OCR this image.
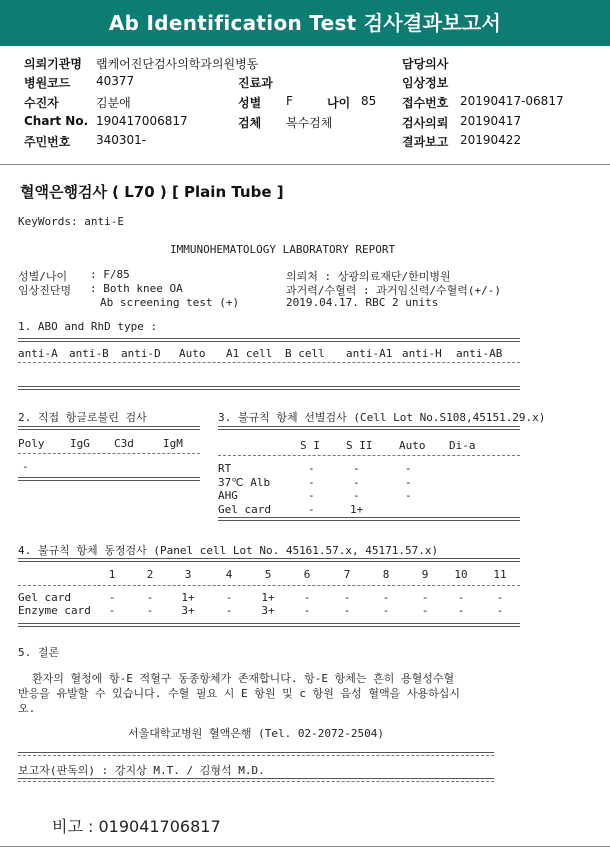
Ab Identification Test 검사결과보고서
의뢰기관명 랩케어진단검사의학과의원병동	담당의사
병원코드 40377	진료과	임상정보
수진자	김분애	성별 F	나이 85 접수번호 20190417-06817
Chart No. 190417006817	검체 복수검체	검사의뢰 20190417
주민번호 340301-	결과보고 20190422
혈액은행검사 ( L70 ) [ Plain Tube ]
KeyWords: anti-E
IMMUNOHEMATOLOGY LABORATORY REPORT
성별/나이 : F/85
임상진단명 : Both knee OA
Ab screening test (+)
의뢰처 : 상광의료재단/한미병원
과거력/수혈력 : 과거임신력/수혈력(+/-)
2019.04.17. RBC 2 units
1. ABO and RhD type :
anti-A anti-B anti-D Auto A1 cell B cell anti-A1 anti-H anti-AB
2. 직접 항글로불린 검사
Poly IgG C3d	IgM
-
3. 불규칙 항체 선별검사 (Cell Lot No.S108,45151.29.x)
S I S II Auto Di-a
RT	-	-	-
37℃ Alb	-	-	-
AHG	-	-	-
Gel card	-	1+
4. 불규칙 항체 동정검사 (Panel cell Lot No. 45161.57.x, 45171.57.x)
1	2	3	4	5	6	7	8	9	10	11
Gel card	-	-	1+	-	1+	-	-	-	-	-	-
Enzyme card	-	-	3+	-	3+	-	-	-	-	-	-
5. 결론
환자의 혈청에 항-E 적혈구 동종항체가 존재합니다. 항-E 항체는 흔히 용혈성수혈
반응을 유발할 수 있습니다. 수혈 필요 시 E 항원 및 c 항원 음성 혈액을 사용하십시
오.
서울대학교병원 혈액은행 (Tel. 02-2072-2504)
보고자(판독의) : 강지상 M.T. / 김형석 M.D.
비고 : 019041706817
